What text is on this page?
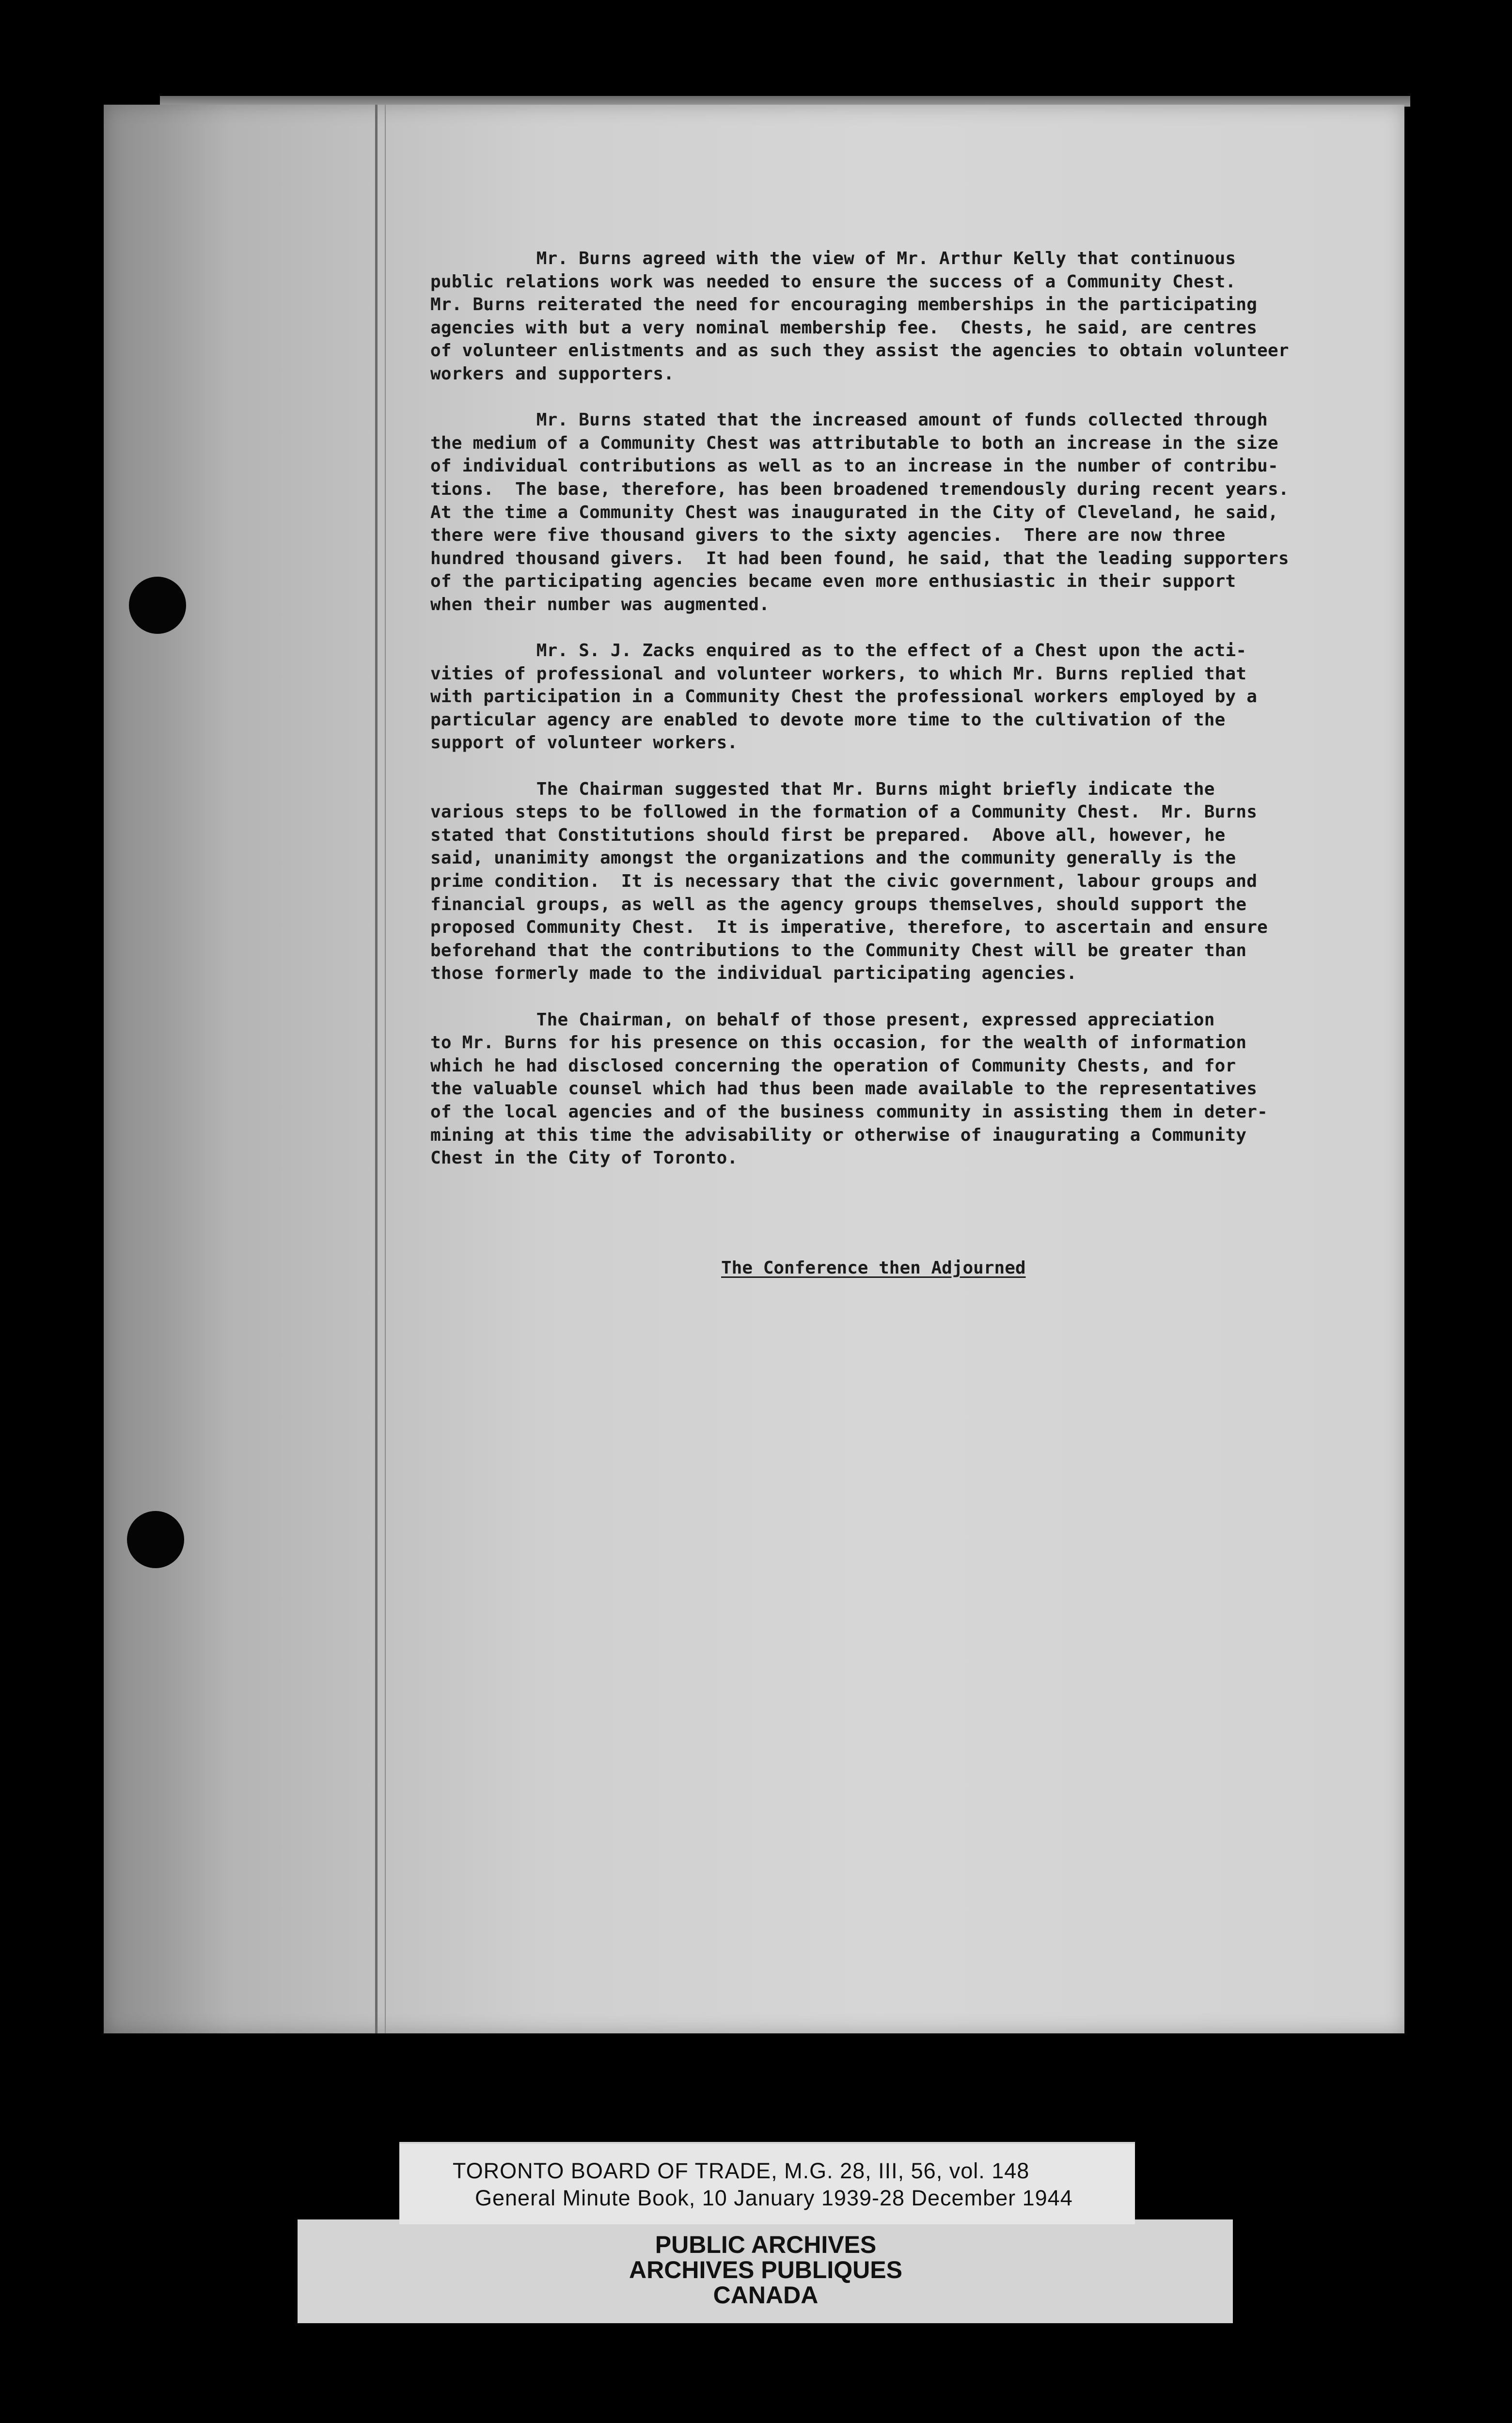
Mr. Burns agreed with the view of Mr. Arthur Kelly that continuous
public relations work was needed to ensure the success of a Community Chest.
Mr. Burns reiterated the need for encouraging memberships in the participating
agencies with but a very nominal membership fee.  Chests, he said, are centres
of volunteer enlistments and as such they assist the agencies to obtain volunteer
workers and supporters.
Mr. Burns stated that the increased amount of funds collected through
the medium of a Community Chest was attributable to both an increase in the size
of individual contributions as well as to an increase in the number of contribu-
tions.  The base, therefore, has been broadened tremendously during recent years.
At the time a Community Chest was inaugurated in the City of Cleveland, he said,
there were five thousand givers to the sixty agencies.  There are now three
hundred thousand givers.  It had been found, he said, that the leading supporters
of the participating agencies became even more enthusiastic in their support
when their number was augmented.
Mr. S. J. Zacks enquired as to the effect of a Chest upon the acti-
vities of professional and volunteer workers, to which Mr. Burns replied that
with participation in a Community Chest the professional workers employed by a
particular agency are enabled to devote more time to the cultivation of the
support of volunteer workers.
The Chairman suggested that Mr. Burns might briefly indicate the
various steps to be followed in the formation of a Community Chest.  Mr. Burns
stated that Constitutions should first be prepared.  Above all, however, he
said, unanimity amongst the organizations and the community generally is the
prime condition.  It is necessary that the civic government, labour groups and
financial groups, as well as the agency groups themselves, should support the
proposed Community Chest.  It is imperative, therefore, to ascertain and ensure
beforehand that the contributions to the Community Chest will be greater than
those formerly made to the individual participating agencies.
The Chairman, on behalf of those present, expressed appreciation
to Mr. Burns for his presence on this occasion, for the wealth of information
which he had disclosed concerning the operation of Community Chests, and for
the valuable counsel which had thus been made available to the representatives
of the local agencies and of the business community in assisting them in deter-
mining at this time the advisability or otherwise of inaugurating a Community
Chest in the City of Toronto.
The Conference then Adjourned
TORONTO BOARD OF TRADE, M.G. 28, III, 56, vol. 148
General Minute Book, 10 January 1939-28 December 1944
PUBLIC ARCHIVES
ARCHIVES PUBLIQUES
CANADA
